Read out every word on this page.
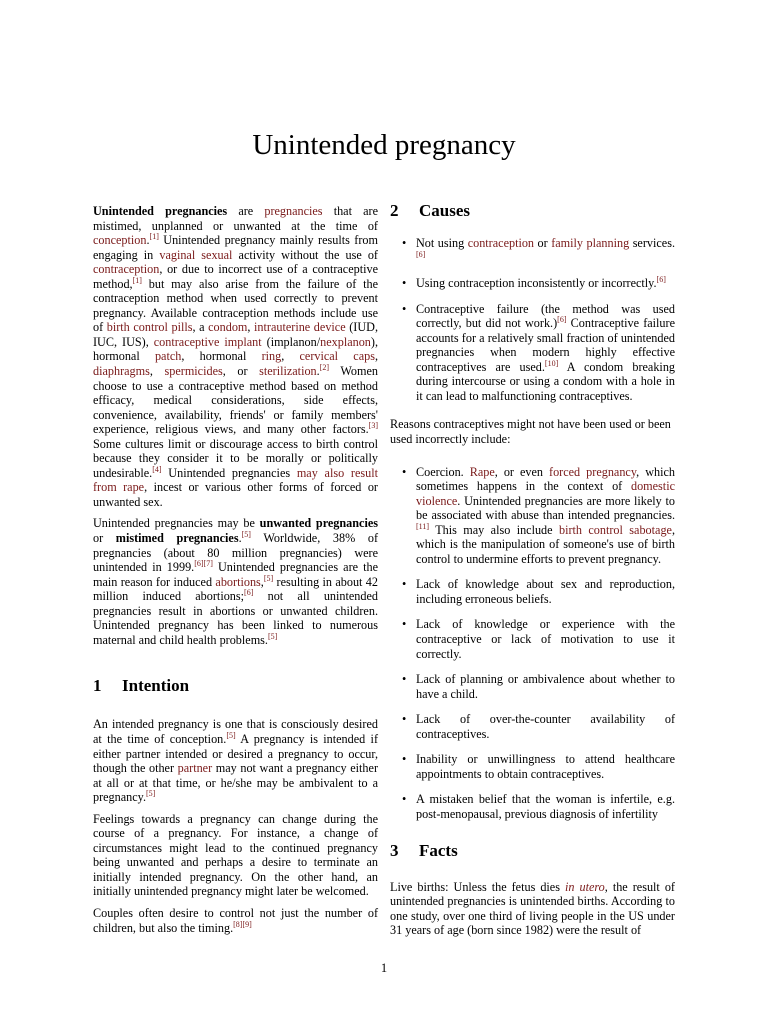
Unintended pregnancy

Unintended pregnancies are pregnancies that are mistimed, unplanned or unwanted at the time of conception.[1] Unintended pregnancy mainly results from engaging in vaginal sexual activity without the use of contraception, or due to incorrect use of a contraceptive method,[1] but may also arise from the failure of the contraception method when used correctly to prevent pregnancy. Available contraception methods include use of birth control pills, a condom, intrauterine device (IUD, IUC, IUS), contraceptive implant (implanon/nexplanon), hormonal patch, hormonal ring, cervical caps, diaphragms, spermicides, or sterilization.[2] Women choose to use a contraceptive method based on method efficacy, medical considerations, side effects, convenience, availability, friends' or family members' experience, religious views, and many other factors.[3] Some cultures limit or discourage access to birth control because they consider it to be morally or politically undesirable.[4] Unintended pregnancies may also result from rape, incest or various other forms of forced or unwanted sex.

Unintended pregnancies may be unwanted pregnancies or mistimed pregnancies.[5] Worldwide, 38% of pregnancies (about 80 million pregnancies) were unintended in 1999.[6][7] Unintended pregnancies are the main reason for induced abortions,[5] resulting in about 42 million induced abortions;[6] not all unintended pregnancies result in abortions or unwanted children. Unintended pregnancy has been linked to numerous maternal and child health problems.[5]

1 Intention

An intended pregnancy is one that is consciously desired at the time of conception.[5] A pregnancy is intended if either partner intended or desired a pregnancy to occur, though the other partner may not want a pregnancy either at all or at that time, or he/she may be ambivalent to a pregnancy.[5]

Feelings towards a pregnancy can change during the course of a pregnancy. For instance, a change of circumstances might lead to the continued pregnancy being unwanted and perhaps a desire to terminate an initially intended pregnancy. On the other hand, an initially unintended pregnancy might later be welcomed.

Couples often desire to control not just the number of children, but also the timing.[8][9]

2 Causes
• Not using contraception or family planning services.[6]
• Using contraception inconsistently or incorrectly.[6]
• Contraceptive failure (the method was used correctly, but did not work.)[6] Contraceptive failure accounts for a relatively small fraction of unintended pregnancies when modern highly effective contraceptives are used.[10] A condom breaking during intercourse or using a condom with a hole in it can lead to malfunctioning contraceptives.

Reasons contraceptives might not have been used or been used incorrectly include:

• Coercion. Rape, or even forced pregnancy, which sometimes happens in the context of domestic violence. Unintended pregnancies are more likely to be associated with abuse than intended pregnancies.[11] This may also include birth control sabotage, which is the manipulation of someone's use of birth control to undermine efforts to prevent pregnancy.
• Lack of knowledge about sex and reproduction, including erroneous beliefs.
• Lack of knowledge or experience with the contraceptive or lack of motivation to use it correctly.
• Lack of planning or ambivalence about whether to have a child.
• Lack of over-the-counter availability of contraceptives.
• Inability or unwillingness to attend healthcare appointments to obtain contraceptives.
• A mistaken belief that the woman is infertile, e.g. post-menopausal, previous diagnosis of infertility
3 Facts

Live births: Unless the fetus dies in utero, the result of unintended pregnancies is unintended births. According to one study, over one third of living people in the US under 31 years of age (born since 1982) were the result of

1
